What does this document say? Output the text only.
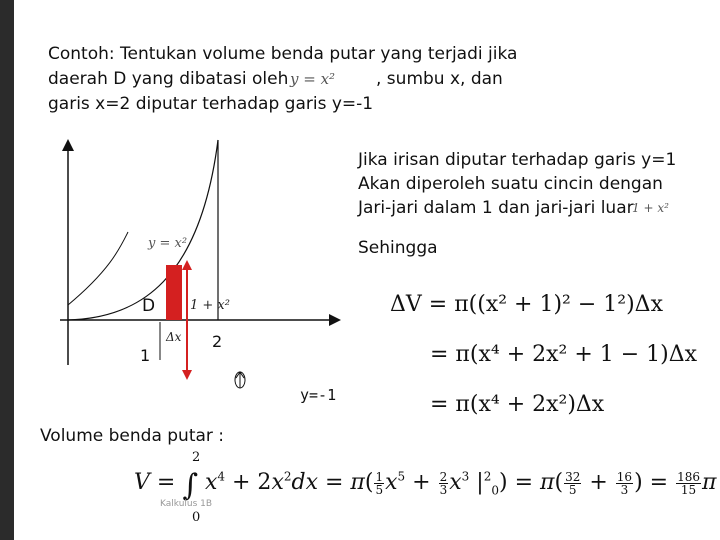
Contoh: Tentukan volume benda putar yang terjadi jika
daerah D yang dibatasi oleh y = x² , sumbu x, dan
garis x=2 diputar terhadap garis y=-1
Jika irisan diputar terhadap garis y=1
Akan diperoleh suatu cincin dengan
Jari-jari dalam 1 dan jari-jari luar
1 + x²
Sehingga
y = x²
D	1 + x²
Δx
1
2
y=-1
ΔV = π((x² + 1)² − 1²)Δx
= π(x⁴ + 2x² + 1 − 1)Δx
= π(x⁴ + 2x²)Δx
Volume benda putar :
V = ∫ $x^4 + 2x^2dx = \pi( \frac{1}{5} x^5 + \frac{2}{3} x^3$ $|^2_0) = \pi( \frac{32}{5} + \frac{16}{3}$ ) = $\frac{186}{15}$ π
2
0
Kalkulus 1B
